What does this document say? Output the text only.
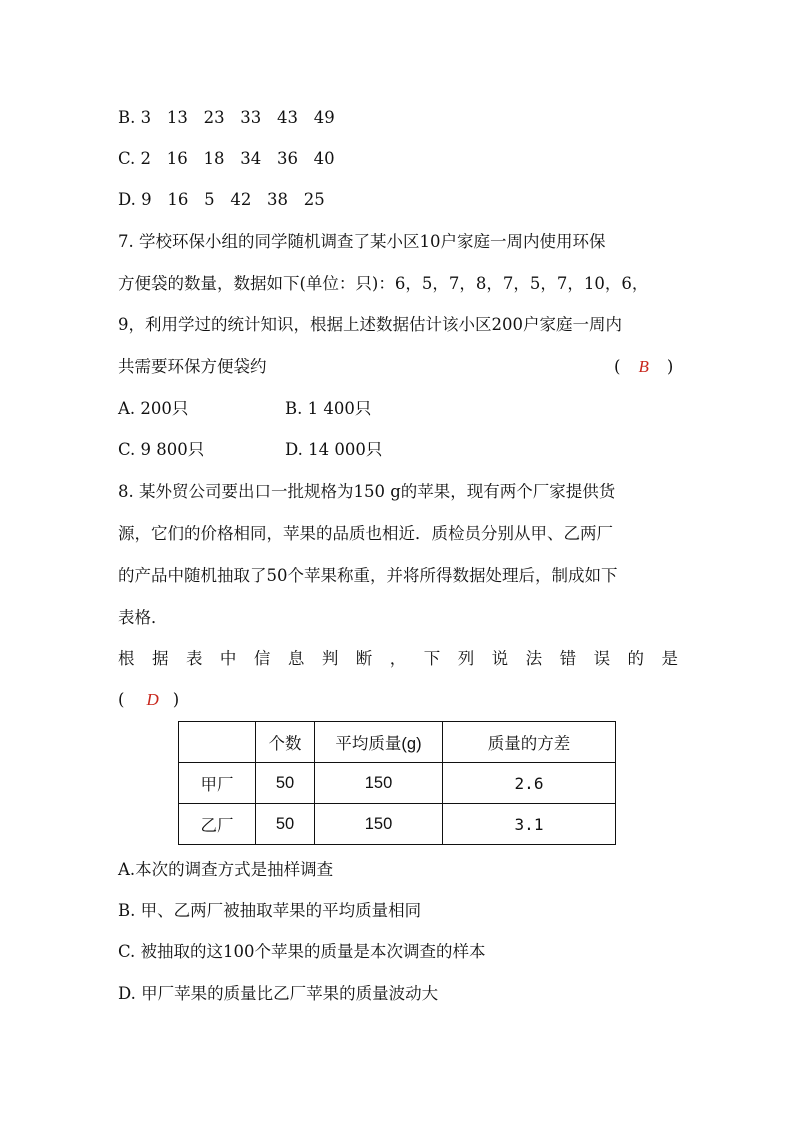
B. 3   13   23   33   43   49
C. 2   16   18   34   36   40
D. 9   16   5   42   38   25
7. 学校环保小组的同学随机调查了某小区10户家庭一周内使用环保
方便袋的数量，数据如下(单位：只)：6，5，7，8，7，5，7，10，6，
9，利用学过的统计知识，根据上述数据估计该小区200户家庭一周内
共需要环保方便袋约	( B )
A. 200只	B. 1 400只
C. 9 800只	D. 14 000只
8. 某外贸公司要出口一批规格为150 g的苹果，现有两个厂家提供货
源，它们的价格相同，苹果的品质也相近．质检员分别从甲、乙两厂
的产品中随机抽取了50个苹果称重，并将所得数据处理后，制成如下
表格．
根 据 表 中 信 息 判 断 ， 下 列 说 法 错 误 的 是
( D )
	个数	平均质量(g)	质量的方差
甲厂	50	150	2.6
乙厂	50	150	3.1
A.本次的调查方式是抽样调查
B. 甲、乙两厂被抽取苹果的平均质量相同
C. 被抽取的这100个苹果的质量是本次调查的样本
D. 甲厂苹果的质量比乙厂苹果的质量波动大
